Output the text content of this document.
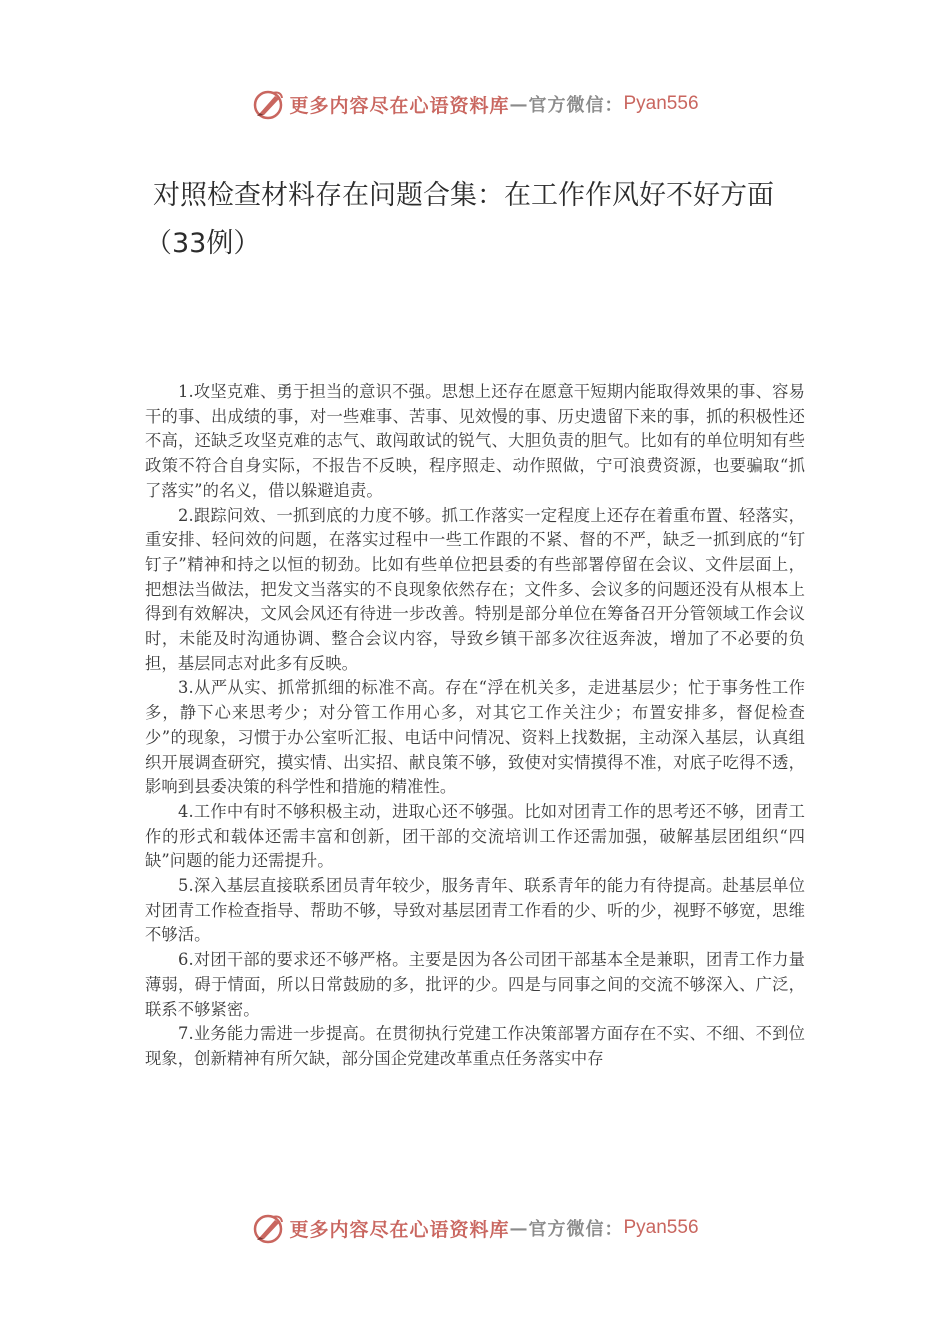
更多内容尽在心语资料库 — 官方微信： Pyan556
对照检查材料存在问题合集：在工作作风好不好方面（33例）

1.攻坚克难、勇于担当的意识不强。思想上还存在愿意干短期内能取得效果的事、容易干的事、出成绩的事，对一些难事、苦事、见效慢的事、历史遗留下来的事，抓的积极性还不高，还缺乏攻坚克难的志气、敢闯敢试的锐气、大胆负责的胆气。比如有的单位明知有些政策不符合自身实际，不报告不反映，程序照走、动作照做，宁可浪费资源，也要骗取“抓了落实”的名义，借以躲避追责。

2.跟踪问效、一抓到底的力度不够。抓工作落实一定程度上还存在着重布置、轻落实，重安排、轻问效的问题，在落实过程中一些工作跟的不紧、督的不严，缺乏一抓到底的“钉钉子”精神和持之以恒的韧劲。比如有些单位把县委的有些部署停留在会议、文件层面上，把想法当做法，把发文当落实的不良现象依然存在；文件多、会议多的问题还没有从根本上得到有效解决，文风会风还有待进一步改善。特别是部分单位在筹备召开分管领域工作会议时，未能及时沟通协调、整合会议内容，导致乡镇干部多次往返奔波，增加了不必要的负担，基层同志对此多有反映。

3.从严从实、抓常抓细的标准不高。存在“浮在机关多，走进基层少；忙于事务性工作多，静下心来思考少；对分管工作用心多，对其它工作关注少；布置安排多，督促检查少”的现象，习惯于办公室听汇报、电话中问情况、资料上找数据，主动深入基层，认真组织开展调查研究，摸实情、出实招、献良策不够，致使对实情摸得不准，对底子吃得不透，影响到县委决策的科学性和措施的精准性。

4.工作中有时不够积极主动，进取心还不够强。比如对团青工作的思考还不够，团青工作的形式和载体还需丰富和创新，团干部的交流培训工作还需加强，破解基层团组织“四缺”问题的能力还需提升。

5.深入基层直接联系团员青年较少，服务青年、联系青年的能力有待提高。赴基层单位对团青工作检查指导、帮助不够，导致对基层团青工作看的少、听的少，视野不够宽，思维不够活。

6.对团干部的要求还不够严格。主要是因为各公司团干部基本全是兼职，团青工作力量薄弱，碍于情面，所以日常鼓励的多，批评的少。四是与同事之间的交流不够深入、广泛，联系不够紧密。

7.业务能力需进一步提高。在贯彻执行党建工作决策部署方面存在不实、不细、不到位现象，创新精神有所欠缺，部分国企党建改革重点任务落实中存

更多内容尽在心语资料库 — 官方微信： Pyan556
